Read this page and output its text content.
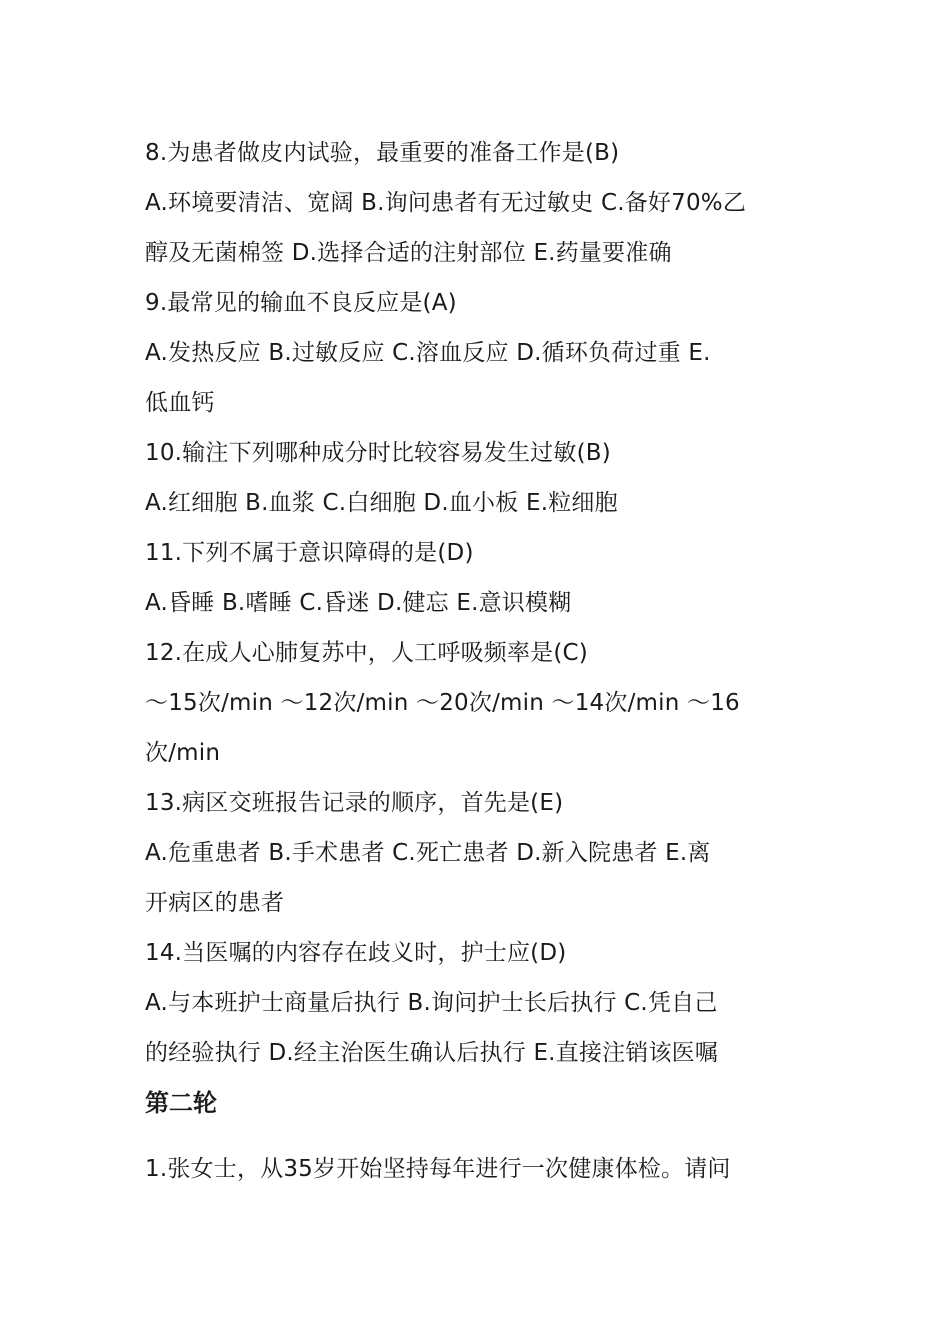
8.为患者做皮内试验，最重要的准备工作是(B)
A.环境要清洁、宽阔 B.询问患者有无过敏史 C.备好70%乙
醇及无菌棉签 D.选择合适的注射部位 E.药量要准确
9.最常见的输血不良反应是(A)
A.发热反应 B.过敏反应 C.溶血反应 D.循环负荷过重 E.
低血钙
10.输注下列哪种成分时比较容易发生过敏(B)
A.红细胞 B.血浆 C.白细胞 D.血小板 E.粒细胞
11.下列不属于意识障碍的是(D)
A.昏睡 B.嗜睡 C.昏迷 D.健忘 E.意识模糊
12.在成人心肺复苏中，人工呼吸频率是(C)
～15次/min ～12次/min ～20次/min ～14次/min ～16
次/min
13.病区交班报告记录的顺序，首先是(E)
A.危重患者 B.手术患者 C.死亡患者 D.新入院患者 E.离
开病区的患者
14.当医嘱的内容存在歧义时，护士应(D)
A.与本班护士商量后执行 B.询问护士长后执行 C.凭自己
的经验执行 D.经主治医生确认后执行 E.直接注销该医嘱
第二轮
1.张女士，从35岁开始坚持每年进行一次健康体检。请问
